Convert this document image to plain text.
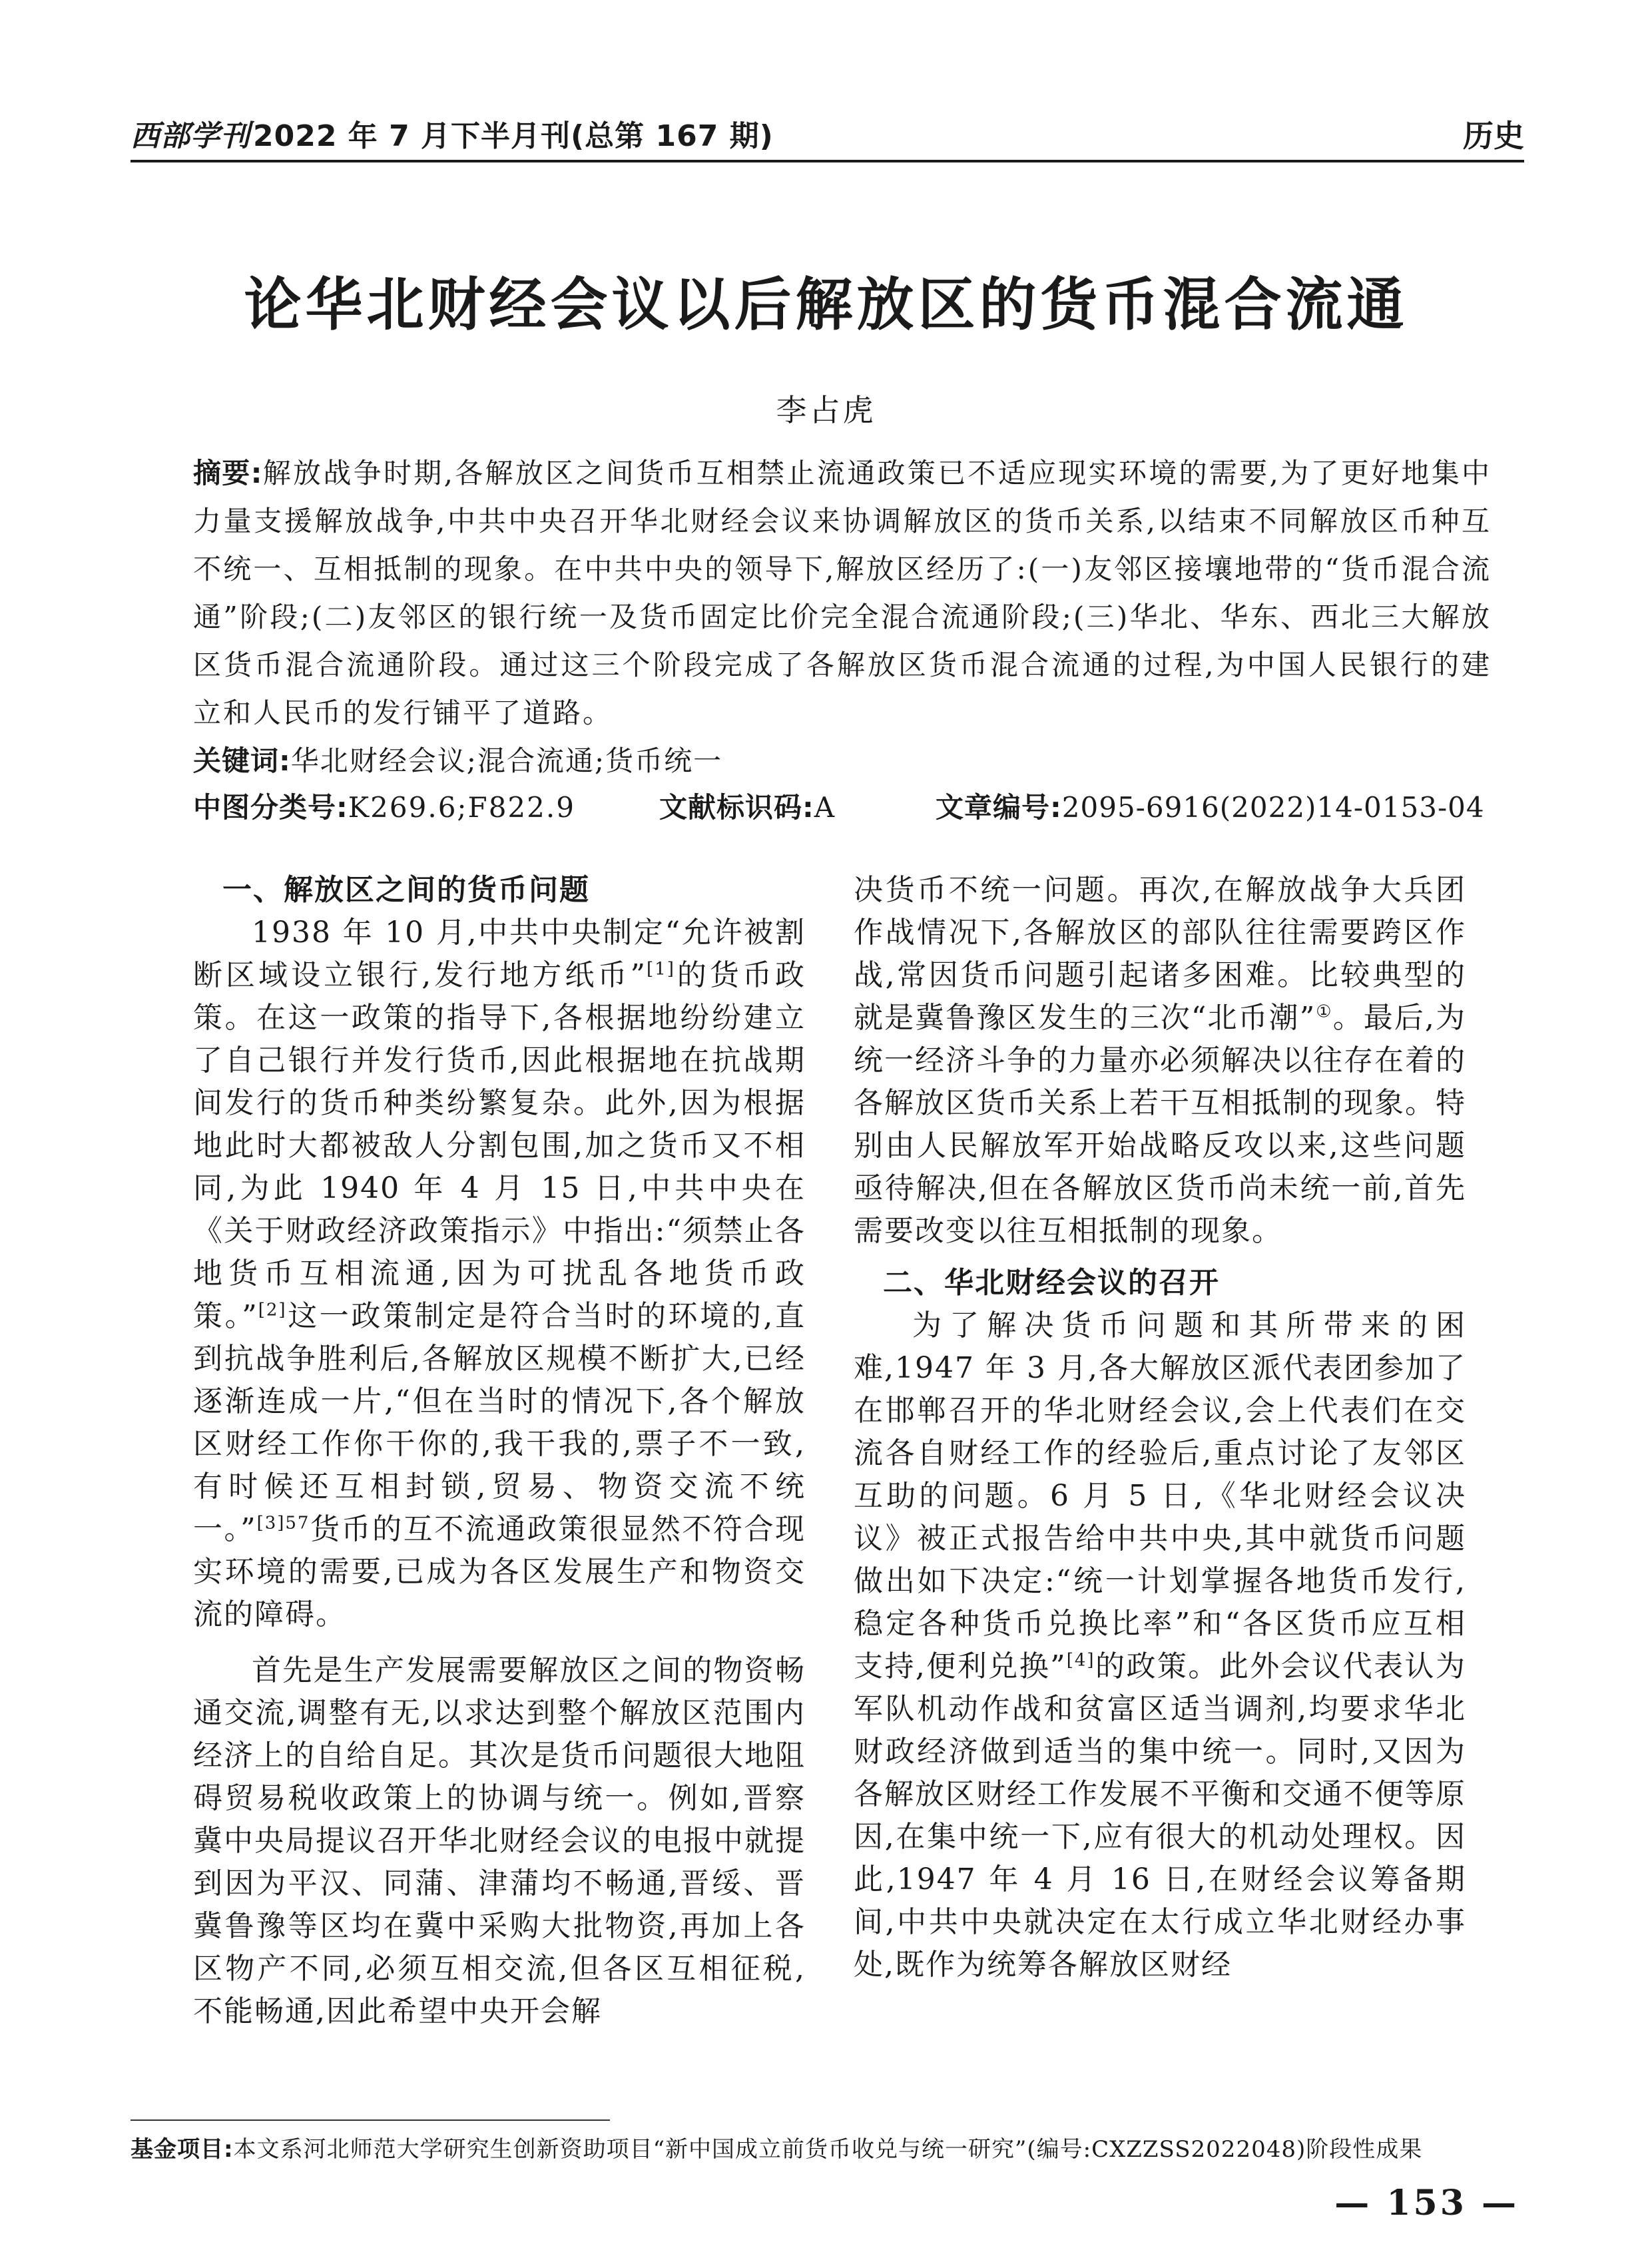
西部学刊2022 年 7 月下半月刊(总第 167 期)	历史
论华北财经会议以后解放区的货币混合流通
李占虎
摘要:解放战争时期,各解放区之间货币互相禁止流通政策已不适应现实环境的需要,为了更好地集中力量支援解放战争,中共中央召开华北财经会议来协调解放区的货币关系,以结束不同解放区币种互不统一、互相抵制的现象。在中共中央的领导下,解放区经历了:(一)友邻区接壤地带的“货币混合流通”阶段;(二)友邻区的银行统一及货币固定比价完全混合流通阶段;(三)华北、华东、西北三大解放区货币混合流通阶段。通过这三个阶段完成了各解放区货币混合流通的过程,为中国人民银行的建立和人民币的发行铺平了道路。
关键词:华北财经会议;混合流通;货币统一
中图分类号:K269.6;F822.9	文献标识码:A	文章编号:2095-6916(2022)14-0153-04
一、解放区之间的货币问题

1938 年 10 月,中共中央制定“允许被割断区域设立银行,发行地方纸币”[1]的货币政策。在这一政策的指导下,各根据地纷纷建立了自己银行并发行货币,因此根据地在抗战期间发行的货币种类纷繁复杂。此外,因为根据地此时大都被敌人分割包围,加之货币又不相同,为此 1940 年 4 月 15 日,中共中央在《关于财政经济政策指示》中指出:“须禁止各地货币互相流通,因为可扰乱各地货币政策。”[2]这一政策制定是符合当时的环境的,直到抗战争胜利后,各解放区规模不断扩大,已经逐渐连成一片,“但在当时的情况下,各个解放区财经工作你干你的,我干我的,票子不一致,有时候还互相封锁,贸易、物资交流不统一。”$^{[3]57}$货币的互不流通政策很显然不符合现实环境的需要,已成为各区发展生产和物资交流的障碍。

首先是生产发展需要解放区之间的物资畅通交流,调整有无,以求达到整个解放区范围内经济上的自给自足。其次是货币问题很大地阻碍贸易税收政策上的协调与统一。例如,晋察冀中央局提议召开华北财经会议的电报中就提到因为平汉、同蒲、津蒲均不畅通,晋绥、晋冀鲁豫等区均在冀中采购大批物资,再加上各区物产不同,必须互相交流,但各区互相征税,不能畅通,因此希望中央开会解

决货币不统一问题。再次,在解放战争大兵团作战情况下,各解放区的部队往往需要跨区作战,常因货币问题引起诸多困难。比较典型的就是冀鲁豫区发生的三次“北币潮”①。最后,为统一经济斗争的力量亦必须解决以往存在着的各解放区货币关系上若干互相抵制的现象。特别由人民解放军开始战略反攻以来,这些问题亟待解决,但在各解放区货币尚未统一前,首先需要改变以往互相抵制的现象。

二、华北财经会议的召开

为了解决货币问题和其所带来的困难,1947 年 3 月,各大解放区派代表团参加了在邯郸召开的华北财经会议,会上代表们在交流各自财经工作的经验后,重点讨论了友邻区互助的问题。6 月 5 日,《华北财经会议决议》被正式报告给中共中央,其中就货币问题做出如下决定:“统一计划掌握各地货币发行,稳定各种货币兑换比率”和“各区货币应互相支持,便利兑换”[4]的政策。此外会议代表认为军队机动作战和贫富区适当调剂,均要求华北财政经济做到适当的集中统一。同时,又因为各解放区财经工作发展不平衡和交通不便等原因,在集中统一下,应有很大的机动处理权。因此,1947 年 4 月 16 日,在财经会议筹备期间,中共中央就决定在太行成立华北财经办事处,既作为统筹各解放区财经

基金项目:本文系河北师范大学研究生创新资助项目“新中国成立前货币收兑与统一研究”(编号:CXZZSS2022048)阶段性成果
— 153 —
